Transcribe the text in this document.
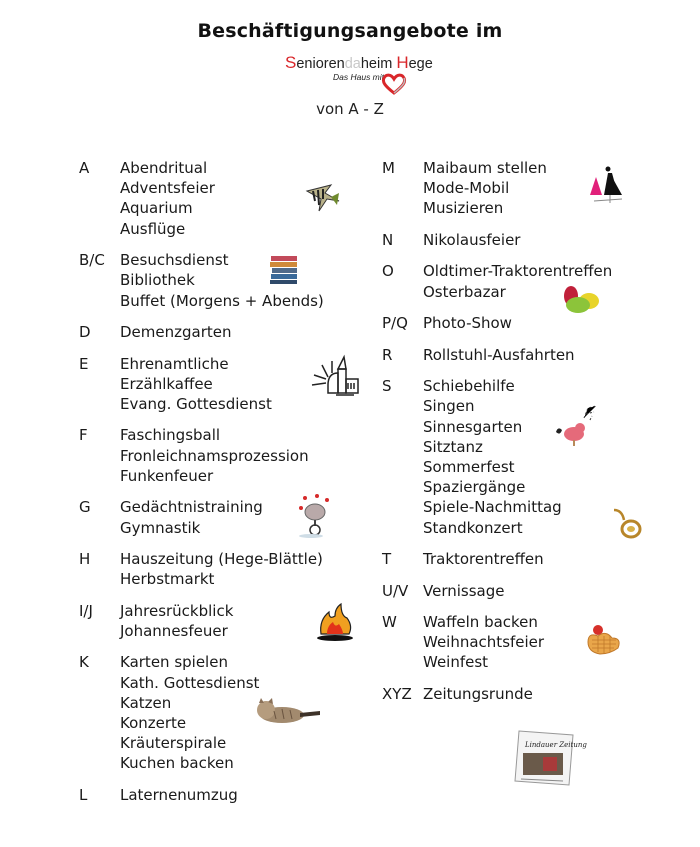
Beschäftigungsangebote im
Seniorendaheim Hege
Das Haus mit
von A - Z
A	Abendritual
Adventsfeier
Aquarium
Ausflüge
B/C	Besuchsdienst
Bibliothek
Buffet (Morgens + Abends)
D	Demenzgarten
E	Ehrenamtliche
Erzählkaffee
Evang. Gottesdienst
F	Faschingsball
Fronleichnamsprozession
Funkenfeuer
G	Gedächtnistraining
Gymnastik
H	Hauszeitung (Hege-Blättle)
Herbstmarkt
I/J	Jahresrückblick
Johannesfeuer
K	Karten spielen
Kath. Gottesdienst
Katzen
Konzerte
Kräuterspirale
Kuchen backen
L	Laternenumzug
M	Maibaum stellen
Mode-Mobil
Musizieren
N	Nikolausfeier
O	Oldtimer-Traktorentreffen
Osterbazar
P/Q	Photo-Show
R	Rollstuhl-Ausfahrten
S	Schiebehilfe
Singen
Sinnesgarten
Sitztanz
Sommerfest
Spaziergänge
Spiele-Nachmittag
Standkonzert
T	Traktorentreffen
U/V Vernissage
W	Waffeln backen
Weihnachtsfeier
Weinfest
XYZ Zeitungsrunde
Lindauer Zeitung
